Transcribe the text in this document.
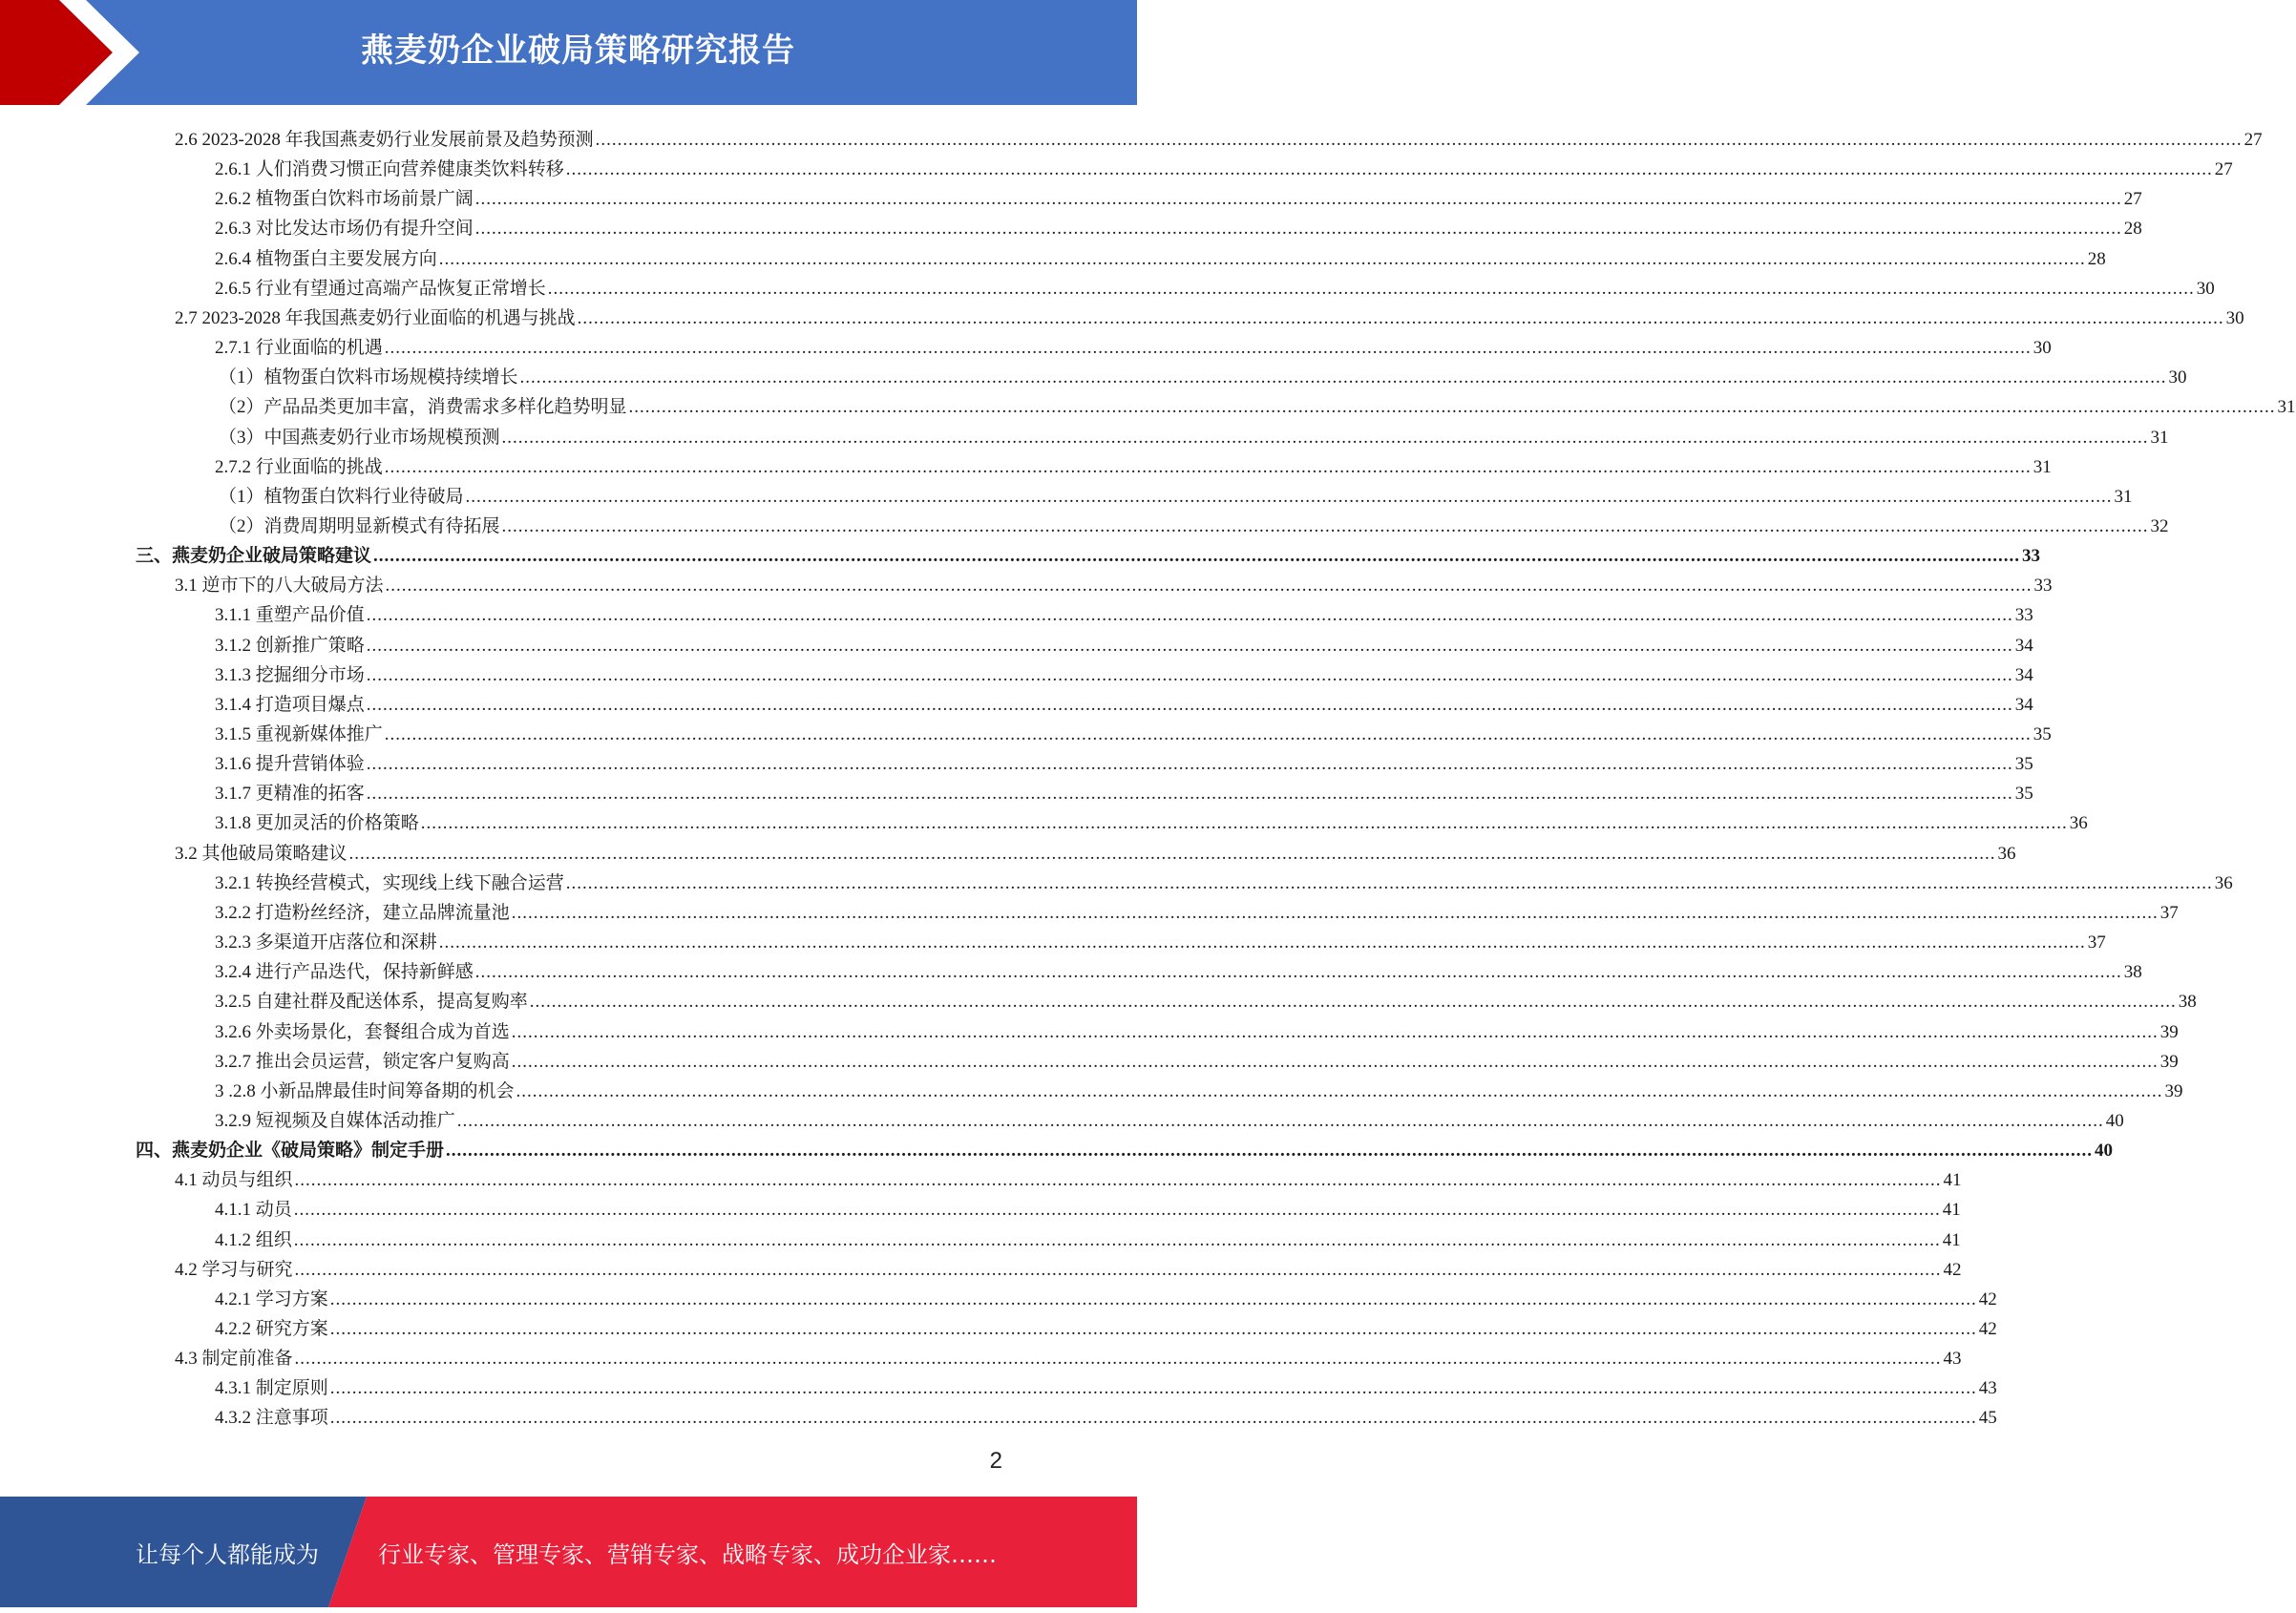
燕麦奶企业破局策略研究报告
2.6 2023-2028 年我国燕麦奶行业发展前景及趋势预测 ............................................................................................................................................................................................................................................................................................................ 27
2.6.1 人们消费习惯正向营养健康类饮料转移 ............................................................................................................................................................................................................................................................................................................ 27
2.6.2 植物蛋白饮料市场前景广阔 ............................................................................................................................................................................................................................................................................................................ 27
2.6.3 对比发达市场仍有提升空间 ............................................................................................................................................................................................................................................................................................................ 28
2.6.4 植物蛋白主要发展方向 ............................................................................................................................................................................................................................................................................................................ 28
2.6.5 行业有望通过高端产品恢复正常增长 ............................................................................................................................................................................................................................................................................................................ 30
2.7 2023-2028 年我国燕麦奶行业面临的机遇与挑战 ............................................................................................................................................................................................................................................................................................................ 30
2.7.1 行业面临的机遇 ............................................................................................................................................................................................................................................................................................................ 30
（1）植物蛋白饮料市场规模持续增长 ............................................................................................................................................................................................................................................................................................................ 30
（2）产品品类更加丰富，消费需求多样化趋势明显 ............................................................................................................................................................................................................................................................................................................ 31
（3）中国燕麦奶行业市场规模预测 ............................................................................................................................................................................................................................................................................................................ 31
2.7.2 行业面临的挑战 ............................................................................................................................................................................................................................................................................................................ 31
（1）植物蛋白饮料行业待破局 ............................................................................................................................................................................................................................................................................................................ 31
（2）消费周期明显新模式有待拓展 ............................................................................................................................................................................................................................................................................................................ 32
三、燕麦奶企业破局策略建议 ............................................................................................................................................................................................................................................................................................................ 33
3.1 逆市下的八大破局方法 ............................................................................................................................................................................................................................................................................................................ 33
3.1.1 重塑产品价值 ............................................................................................................................................................................................................................................................................................................ 33
3.1.2 创新推广策略 ............................................................................................................................................................................................................................................................................................................ 34
3.1.3 挖掘细分市场 ............................................................................................................................................................................................................................................................................................................ 34
3.1.4 打造项目爆点 ............................................................................................................................................................................................................................................................................................................ 34
3.1.5 重视新媒体推广 ............................................................................................................................................................................................................................................................................................................ 35
3.1.6 提升营销体验 ............................................................................................................................................................................................................................................................................................................ 35
3.1.7 更精准的拓客 ............................................................................................................................................................................................................................................................................................................ 35
3.1.8 更加灵活的价格策略 ............................................................................................................................................................................................................................................................................................................ 36
3.2 其他破局策略建议 ............................................................................................................................................................................................................................................................................................................ 36
3.2.1 转换经营模式，实现线上线下融合运营 ............................................................................................................................................................................................................................................................................................................ 36
3.2.2 打造粉丝经济，建立品牌流量池 ............................................................................................................................................................................................................................................................................................................ 37
3.2.3 多渠道开店落位和深耕 ............................................................................................................................................................................................................................................................................................................ 37
3.2.4 进行产品迭代，保持新鲜感 ............................................................................................................................................................................................................................................................................................................ 38
3.2.5 自建社群及配送体系，提高复购率 ............................................................................................................................................................................................................................................................................................................ 38
3.2.6 外卖场景化，套餐组合成为首选 ............................................................................................................................................................................................................................................................................................................ 39
3.2.7 推出会员运营，锁定客户复购高 ............................................................................................................................................................................................................................................................................................................ 39
3 .2.8 小新品牌最佳时间筹备期的机会 ............................................................................................................................................................................................................................................................................................................ 39
3.2.9 短视频及自媒体活动推广 ............................................................................................................................................................................................................................................................................................................ 40
四、燕麦奶企业《破局策略》制定手册 ............................................................................................................................................................................................................................................................................................................ 40
4.1 动员与组织 ............................................................................................................................................................................................................................................................................................................ 41
4.1.1 动员 ............................................................................................................................................................................................................................................................................................................ 41
4.1.2 组织 ............................................................................................................................................................................................................................................................................................................ 41
4.2 学习与研究 ............................................................................................................................................................................................................................................................................................................ 42
4.2.1 学习方案 ............................................................................................................................................................................................................................................................................................................ 42
4.2.2 研究方案 ............................................................................................................................................................................................................................................................................................................ 42
4.3 制定前准备 ............................................................................................................................................................................................................................................................................................................ 43
4.3.1 制定原则 ............................................................................................................................................................................................................................................................................................................ 43
4.3.2 注意事项 ............................................................................................................................................................................................................................................................................................................ 45
2
让每个人都能成为	行业专家、管理专家、营销专家、战略专家、成功企业家……
